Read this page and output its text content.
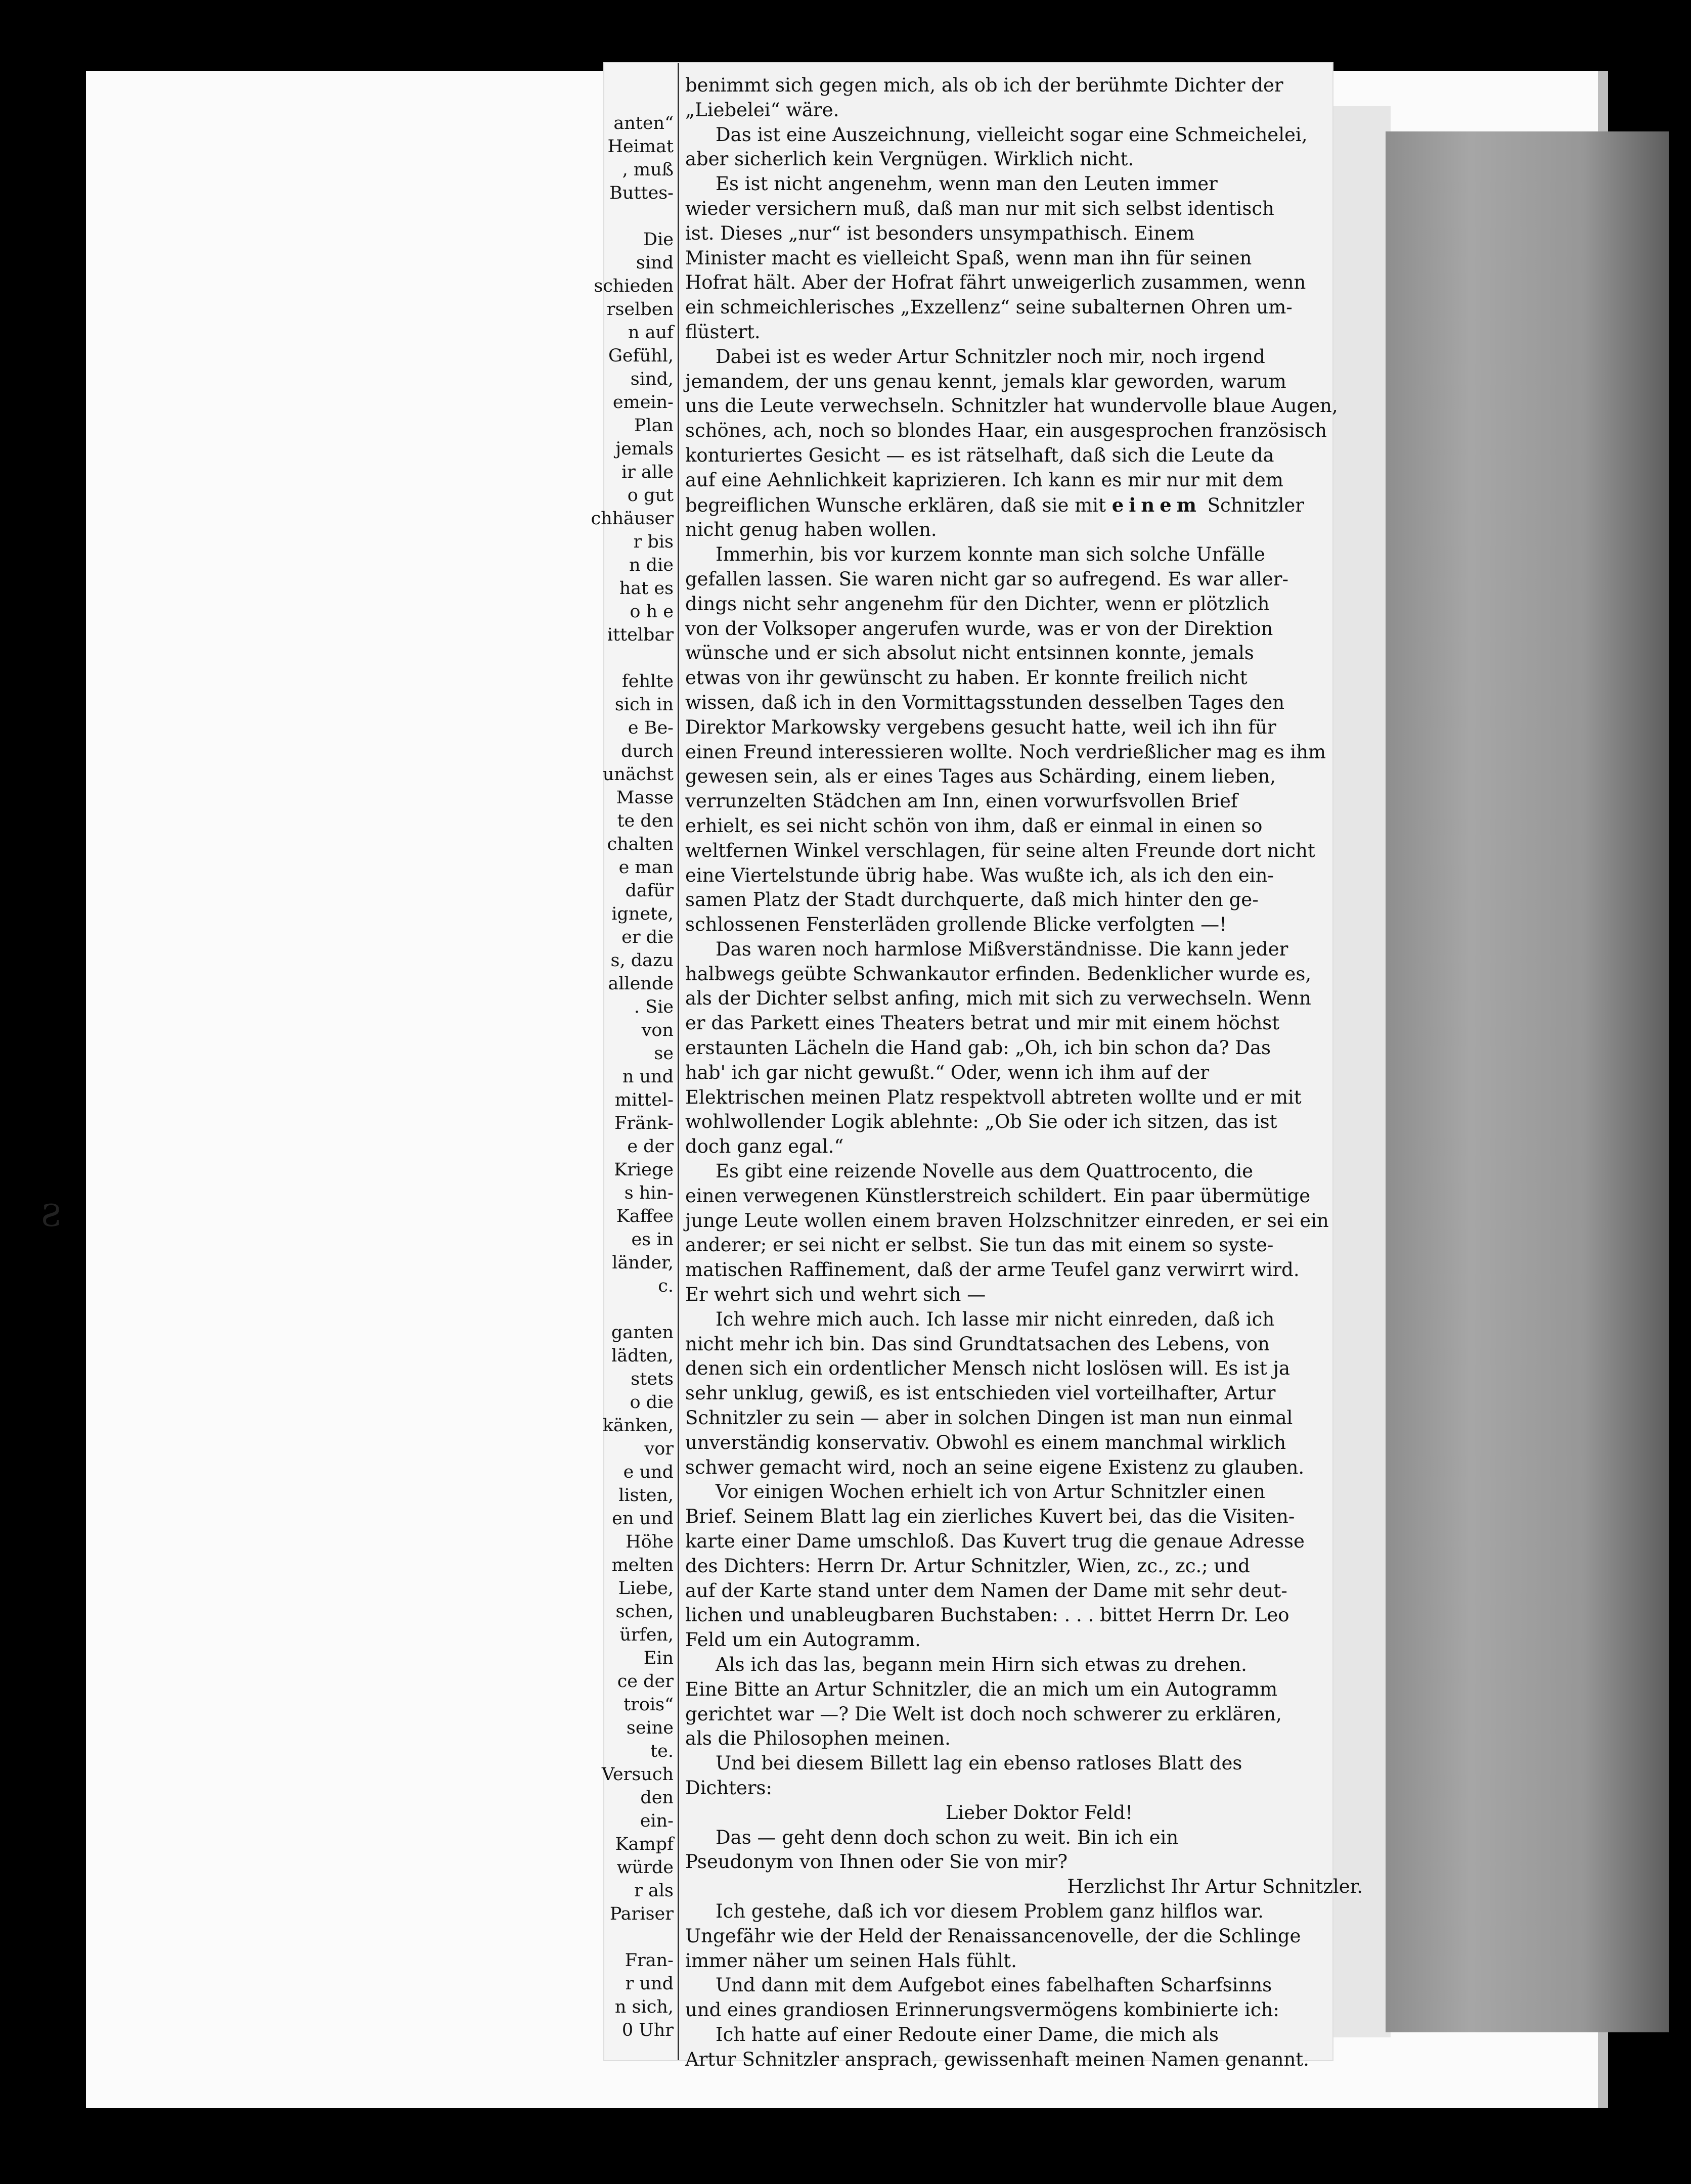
Ƨ
anten“
Heimat
, muß
Buttes-
Die
sind
schieden
rselben
n auf
Gefühl,
sind,
emein-
Plan
jemals
ir alle
o gut
chhäuser
r bis
n die
hat es
o h e
ittelbar
fehlte
sich in
e Be-
durch
unächst
Masse
te den
chalten
e man
dafür
ignete,
er die
s, dazu
allende
. Sie
von
se
n und
mittel-
Fränk-
e der
Kriege
s hin-
Kaffee
es in
länder,
c.
ganten
lädten,
stets
o die
känken,
vor
e und
listen,
en und
Höhe
melten
Liebe,
schen,
ürfen,
Ein
ce der
trois“
seine
te.
Versuch
den
ein-
Kampf
würde
r als
Pariser
Fran-
r und
n sich,
0 Uhr

benimmt sich gegen mich, als ob ich der berühmte Dichter der

„Liebelei“ wäre.

Das ist eine Auszeichnung, vielleicht sogar eine Schmeichelei,

aber sicherlich kein Vergnügen. Wirklich nicht.

Es ist nicht angenehm, wenn man den Leuten immer

wieder versichern muß, daß man nur mit sich selbst identisch

ist. Dieses „nur“ ist besonders unsympathisch. Einem

Minister macht es vielleicht Spaß, wenn man ihn für seinen

Hofrat hält. Aber der Hofrat fährt unweigerlich zusammen, wenn

ein schmeichlerisches „Exzellenz“ seine subalternen Ohren um-

flüstert.

Dabei ist es weder Artur Schnitzler noch mir, noch irgend

jemandem, der uns genau kennt, jemals klar geworden, warum

uns die Leute verwechseln. Schnitzler hat wundervolle blaue Augen,

schönes, ach, noch so blondes Haar, ein ausgesprochen französisch

konturiertes Gesicht — es ist rätselhaft, daß sich die Leute da

auf eine Aehnlichkeit kaprizieren. Ich kann es mir nur mit dem

begreiflichen Wunsche erklären, daß sie mit einem Schnitzler

nicht genug haben wollen.

Immerhin, bis vor kurzem konnte man sich solche Unfälle

gefallen lassen. Sie waren nicht gar so aufregend. Es war aller-

dings nicht sehr angenehm für den Dichter, wenn er plötzlich

von der Volksoper angerufen wurde, was er von der Direktion

wünsche und er sich absolut nicht entsinnen konnte, jemals

etwas von ihr gewünscht zu haben. Er konnte freilich nicht

wissen, daß ich in den Vormittagsstunden desselben Tages den

Direktor Markowsky vergebens gesucht hatte, weil ich ihn für

einen Freund interessieren wollte. Noch verdrießlicher mag es ihm

gewesen sein, als er eines Tages aus Schärding, einem lieben,

verrunzelten Städchen am Inn, einen vorwurfsvollen Brief

erhielt, es sei nicht schön von ihm, daß er einmal in einen so

weltfernen Winkel verschlagen, für seine alten Freunde dort nicht

eine Viertelstunde übrig habe. Was wußte ich, als ich den ein-

samen Platz der Stadt durchquerte, daß mich hinter den ge-

schlossenen Fensterläden grollende Blicke verfolgten —!

Das waren noch harmlose Mißverständnisse. Die kann jeder

halbwegs geübte Schwankautor erfinden. Bedenklicher wurde es,

als der Dichter selbst anfing, mich mit sich zu verwechseln. Wenn

er das Parkett eines Theaters betrat und mir mit einem höchst

erstaunten Lächeln die Hand gab: „Oh, ich bin schon da? Das

hab' ich gar nicht gewußt.“ Oder, wenn ich ihm auf der

Elektrischen meinen Platz respektvoll abtreten wollte und er mit

wohlwollender Logik ablehnte: „Ob Sie oder ich sitzen, das ist

doch ganz egal.“

Es gibt eine reizende Novelle aus dem Quattrocento, die

einen verwegenen Künstlerstreich schildert. Ein paar übermütige

junge Leute wollen einem braven Holzschnitzer einreden, er sei ein

anderer; er sei nicht er selbst. Sie tun das mit einem so syste-

matischen Raffinement, daß der arme Teufel ganz verwirrt wird.

Er wehrt sich und wehrt sich —

Ich wehre mich auch. Ich lasse mir nicht einreden, daß ich

nicht mehr ich bin. Das sind Grundtatsachen des Lebens, von

denen sich ein ordentlicher Mensch nicht loslösen will. Es ist ja

sehr unklug, gewiß, es ist entschieden viel vorteilhafter, Artur

Schnitzler zu sein — aber in solchen Dingen ist man nun einmal

unverständig konservativ. Obwohl es einem manchmal wirklich

schwer gemacht wird, noch an seine eigene Existenz zu glauben.

Vor einigen Wochen erhielt ich von Artur Schnitzler einen

Brief. Seinem Blatt lag ein zierliches Kuvert bei, das die Visiten-

karte einer Dame umschloß. Das Kuvert trug die genaue Adresse

des Dichters: Herrn Dr. Artur Schnitzler, Wien, zc., zc.; und

auf der Karte stand unter dem Namen der Dame mit sehr deut-

lichen und unableugbaren Buchstaben: . . . bittet Herrn Dr. Leo

Feld um ein Autogramm.

Als ich das las, begann mein Hirn sich etwas zu drehen.

Eine Bitte an Artur Schnitzler, die an mich um ein Autogramm

gerichtet war —? Die Welt ist doch noch schwerer zu erklären,

als die Philosophen meinen.

Und bei diesem Billett lag ein ebenso ratloses Blatt des

Dichters:

Lieber Doktor Feld!

Das — geht denn doch schon zu weit. Bin ich ein

Pseudonym von Ihnen oder Sie von mir?

Herzlichst Ihr Artur Schnitzler.

Ich gestehe, daß ich vor diesem Problem ganz hilflos war.

Ungefähr wie der Held der Renaissancenovelle, der die Schlinge

immer näher um seinen Hals fühlt.

Und dann mit dem Aufgebot eines fabelhaften Scharfsinns

und eines grandiosen Erinnerungsvermögens kombinierte ich:

Ich hatte auf einer Redoute einer Dame, die mich als

Artur Schnitzler ansprach, gewissenhaft meinen Namen genannt.
